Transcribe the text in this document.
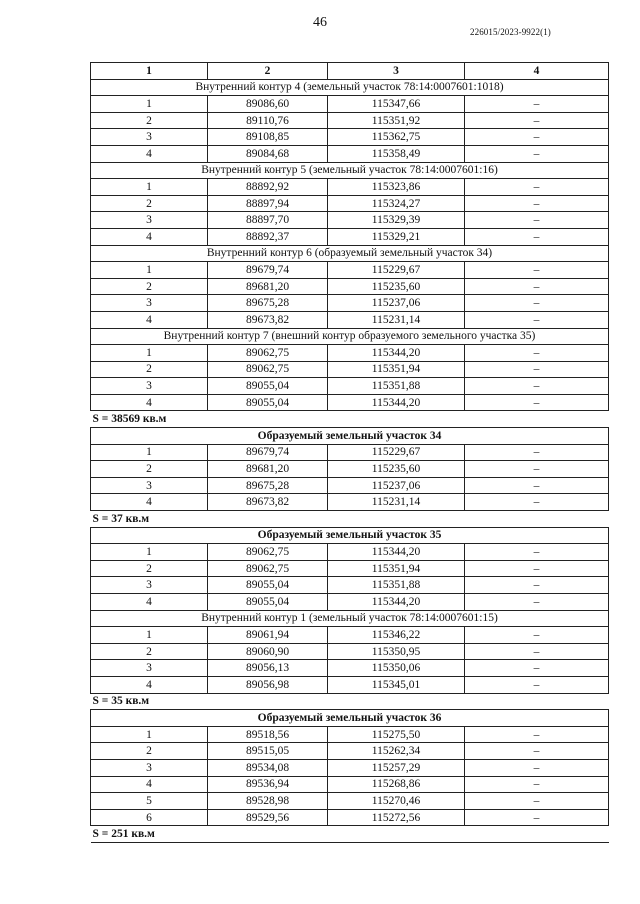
46
226015/2023-9922(1)
1	2	3	4
Внутренний контур 4 (земельный участок 78:14:0007601:1018)			
1	89086,60	115347,66	–
2	89110,76	115351,92	–
3	89108,85	115362,75	–
4	89084,68	115358,49	–
Внутренний контур 5 (земельный участок 78:14:0007601:16)			
1	88892,92	115323,86	–
2	88897,94	115324,27	–
3	88897,70	115329,39	–
4	88892,37	115329,21	–
Внутренний контур 6 (образуемый земельный участок 34)			
1	89679,74	115229,67	–
2	89681,20	115235,60	–
3	89675,28	115237,06	–
4	89673,82	115231,14	–
Внутренний контур 7 (внешний контур образуемого земельного участка 35)			
1	89062,75	115344,20	–
2	89062,75	115351,94	–
3	89055,04	115351,88	–
4	89055,04	115344,20	–
S = 38569 кв.м			
Образуемый земельный участок 34			
1	89679,74	115229,67	–
2	89681,20	115235,60	–
3	89675,28	115237,06	–
4	89673,82	115231,14	–
S = 37 кв.м			
Образуемый земельный участок 35			
1	89062,75	115344,20	–
2	89062,75	115351,94	–
3	89055,04	115351,88	–
4	89055,04	115344,20	–
Внутренний контур 1 (земельный участок 78:14:0007601:15)			
1	89061,94	115346,22	–
2	89060,90	115350,95	–
3	89056,13	115350,06	–
4	89056,98	115345,01	–
S = 35 кв.м			
Образуемый земельный участок 36			
1	89518,56	115275,50	–
2	89515,05	115262,34	–
3	89534,08	115257,29	–
4	89536,94	115268,86	–
5	89528,98	115270,46	–
6	89529,56	115272,56	–
S = 251 кв.м			
